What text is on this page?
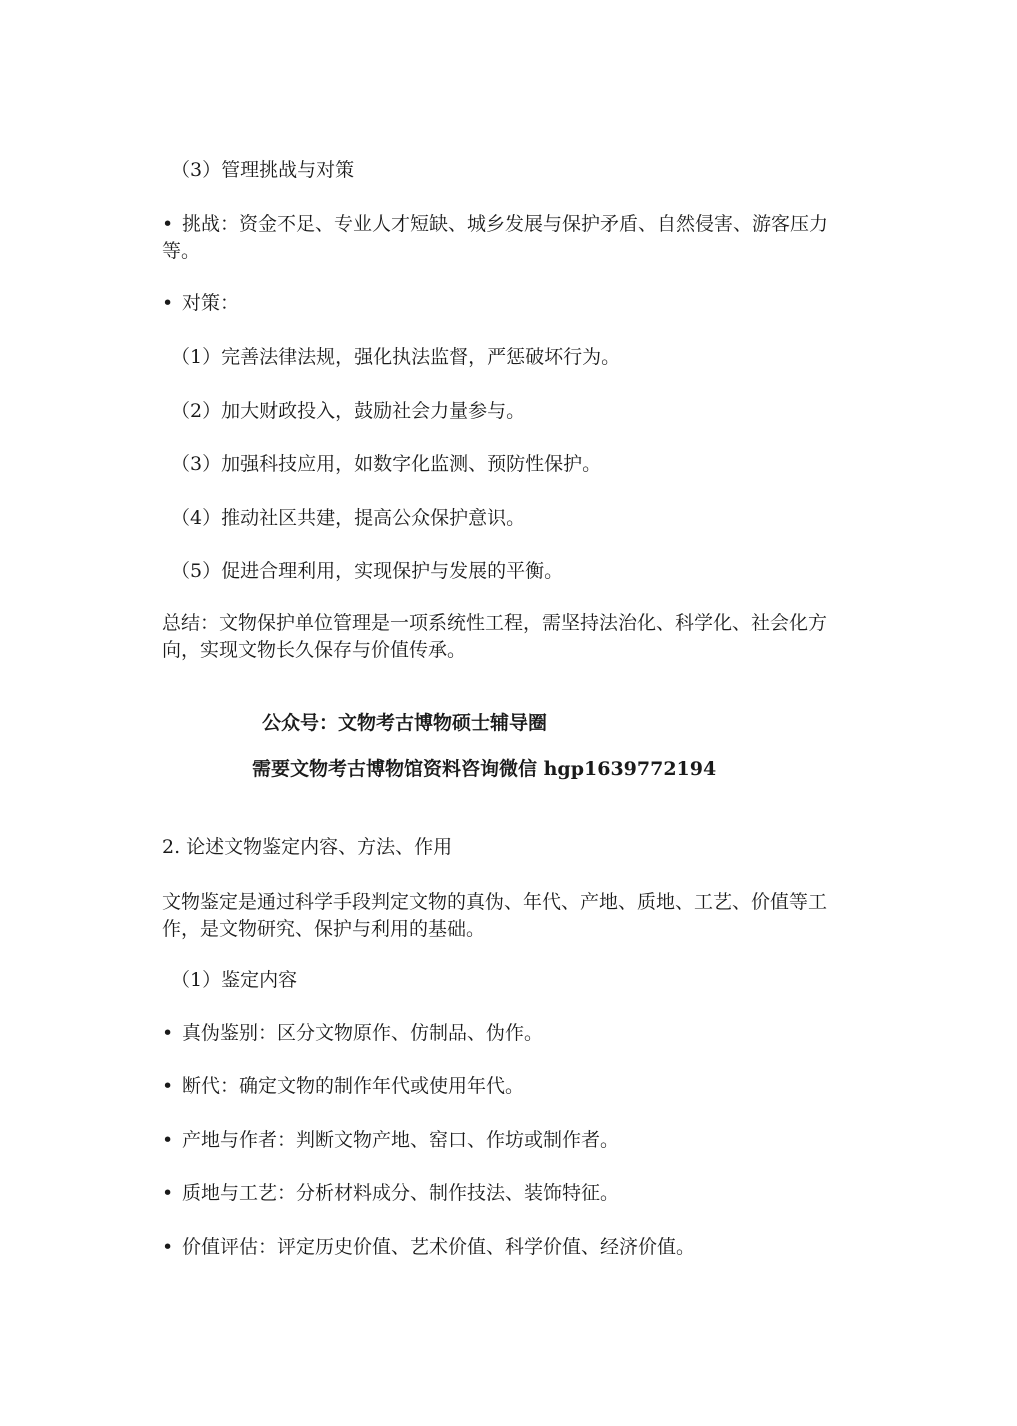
（3）管理挑战与对策
• 挑战：资金不足、专业人才短缺、城乡发展与保护矛盾、自然侵害、游客压力等。
• 对策：
（1）完善法律法规，强化执法监督，严惩破坏行为。
（2）加大财政投入，鼓励社会力量参与。
（3）加强科技应用，如数字化监测、预防性保护。
（4）推动社区共建，提高公众保护意识。
（5）促进合理利用，实现保护与发展的平衡。
总结：文物保护单位管理是一项系统性工程，需坚持法治化、科学化、社会化方向，实现文物长久保存与价值传承。
公众号：文物考古博物硕士辅导圈
需要文物考古博物馆资料咨询微信 hgp1639772194
2. 论述文物鉴定内容、方法、作用
文物鉴定是通过科学手段判定文物的真伪、年代、产地、质地、工艺、价值等工作，是文物研究、保护与利用的基础。
（1）鉴定内容
• 真伪鉴别：区分文物原作、仿制品、伪作。
• 断代：确定文物的制作年代或使用年代。
• 产地与作者：判断文物产地、窑口、作坊或制作者。
• 质地与工艺：分析材料成分、制作技法、装饰特征。
• 价值评估：评定历史价值、艺术价值、科学价值、经济价值。
